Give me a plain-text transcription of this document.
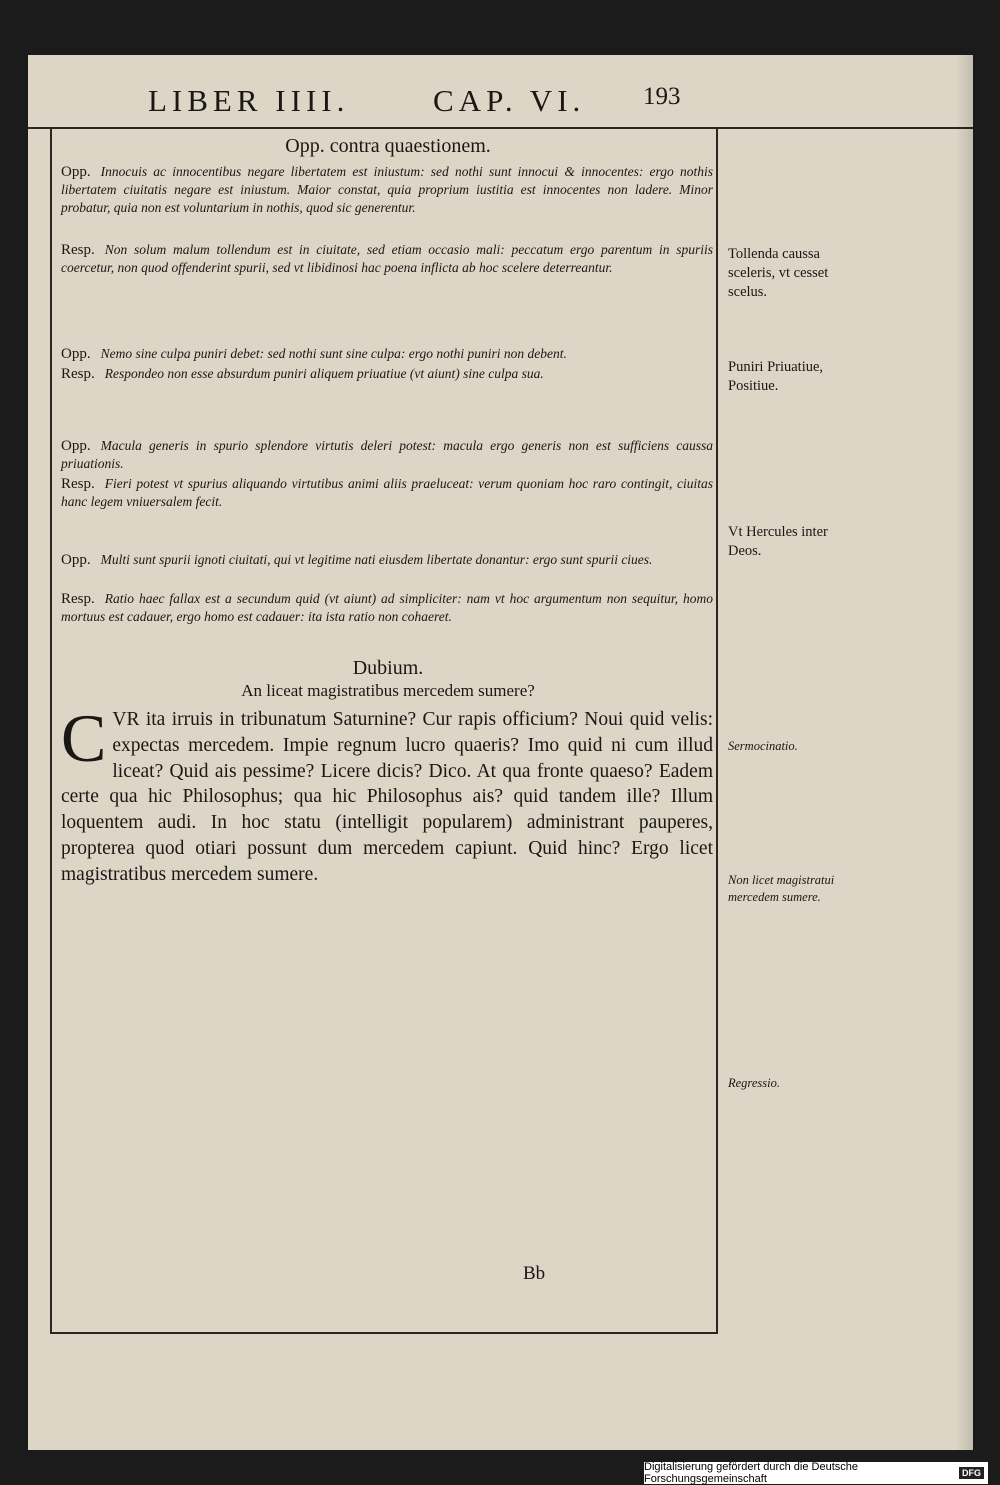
LIBER IIII.	CAP. VI. 193
Opp. contra quaestionem.
Opp. Innocuis ac innocentibus negare libertatem est iniustum: sed nothi sunt innocui & innocentes: ergo nothis libertatem ciuitatis negare est iniustum. Maior constat, quia proprium iustitia est innocentes non ladere. Minor probatur, quia non est voluntarium in nothis, quod sic generentur.
Resp. Non solum malum tollendum est in ciuitate, sed etiam occasio mali: peccatum ergo parentum in spuriis coercetur, non quod offenderint spurii, sed vt libidinosi hac poena inflicta ab hoc scelere deterreantur.
Opp. Nemo sine culpa puniri debet: sed nothi sunt sine culpa: ergo nothi puniri non debent.
Resp. Respondeo non esse absurdum puniri aliquem priuatiue (vt aiunt) sine culpa sua.
Opp. Macula generis in spurio splendore virtutis deleri potest: macula ergo generis non est sufficiens caussa priuationis.
Resp. Fieri potest vt spurius aliquando virtutibus animi aliis praeluceat: verum quoniam hoc raro contingit, ciuitas hanc legem vniuersalem fecit.
Opp. Multi sunt spurii ignoti ciuitati, qui vt legitime nati eiusdem libertate donantur: ergo sunt spurii ciues.
Resp. Ratio haec fallax est a secundum quid (vt aiunt) ad simpliciter: nam vt hoc argumentum non sequitur, homo mortuus est cadauer, ergo homo est cadauer: ita ista ratio non cohaeret.
Dubium.
An liceat magistratibus mercedem sumere?
CVR ita irruis in tribunatum Saturnine? Cur rapis officium? Noui quid velis: expectas mercedem. Impie regnum lucro quaeris? Imo quid ni cum illud liceat? Quid ais pessime? Licere dicis? Dico. At qua fronte quaeso? Eadem certe qua hic Philosophus; qua hic Philosophus ais? quid tandem ille? Illum loquentem audi. In hoc statu (intelligit popularem) administrant pauperes, propterea quod otiari possunt dum mercedem capiunt. Quid hinc? Ergo licet magistratibus mercedem sumere.
Tollenda caussa sceleris, vt cesset scelus.
Puniri Priuatiue, Positiue.
Vt Hercules inter Deos.
Sermocinatio.
Non licet magistratui mercedem sumere.
Regressio.
Bb
Digitalisierung gefördert durch die Deutsche Forschungsgemeinschaft	DFG
